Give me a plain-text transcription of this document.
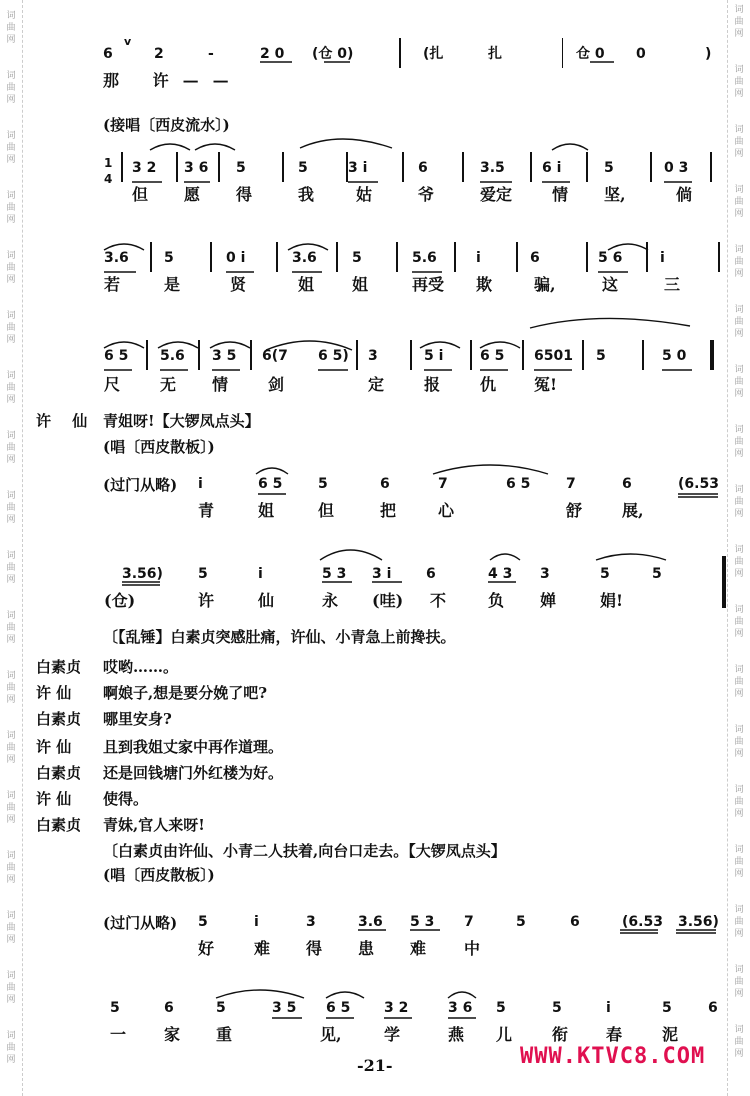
词
曲
网
词
曲
网
词
曲
网
词
曲
网
词
曲
网
词
曲
网
词
曲
网
词
曲
网
词
曲
网
词
曲
网
词
曲
网
词
曲
网
词
曲
网
词
曲
网
词
曲
网
词
曲
网
词
曲
网
词
曲
网
词
曲
网
词
曲
网
词
曲
网
词
曲
网
词
曲
网
词
曲
网
词
曲
网
词
曲
网
词
曲
网
词
曲
网
词
曲
网
词
曲
网
词
曲
网
词
曲
网
词
曲
网
词
曲
网
词
曲
网
词
曲
网
6
v
2	-	2 0 (仓 0)	(扎	扎	仓 0 0	)
那 许——
(接唱〔西皮流水〕)
1
4
3 2 3 6 5	5	3 i	6	3.5	6 i	5	0 3
但 愿 得	我	姑	爷	爱定 情 坚,	倘
3.6	5	0 i	3.6	5	5.6	i	6	5 6	i
若	是	贤	姐 姐	再受 欺	骗,	这	三
6 5 5.6 3 5 6(7 6 5) 3	5 i	6 5 6501 5	5 0
尺 无 情 剑	定 报 仇 冤!
许 仙 青姐呀!【大锣凤点头】
(唱〔西皮散板〕)
(过门从略) i	6 5	5	6	7	6 5	7	6	(6.53
青	姐	但	把	心	舒 展,
3.56)	5	i	5 3 3 i 6	4 3 3	5	5
(仓)	许	仙	永 (哇) 不	负 婵	娟!
〔【乱锤】白素贞突感肚痛，许仙、小青急上前搀扶。
白素贞 哎哟……。
许 仙 啊娘子,想是要分娩了吧?
白素贞 哪里安身?
许 仙 且到我姐丈家中再作道理。
白素贞 还是回钱塘门外红楼为好。
许 仙 使得。
白素贞 青妹,官人来呀!
〔白素贞由许仙、小青二人扶着,向台口走去。【大锣凤点头】
(唱〔西皮散板〕)
(过门从略) 5	i	3	3.6 5 3 7	5	6	(6.53 3.56)
好 难 得 患 难 中
5	6	5	3 5 6 5 3 2	3 6 5	5	i	5	6
一 家 重	见,	学	燕 儿 衔 春 泥
-21-	WWW.KTVC8.COM
